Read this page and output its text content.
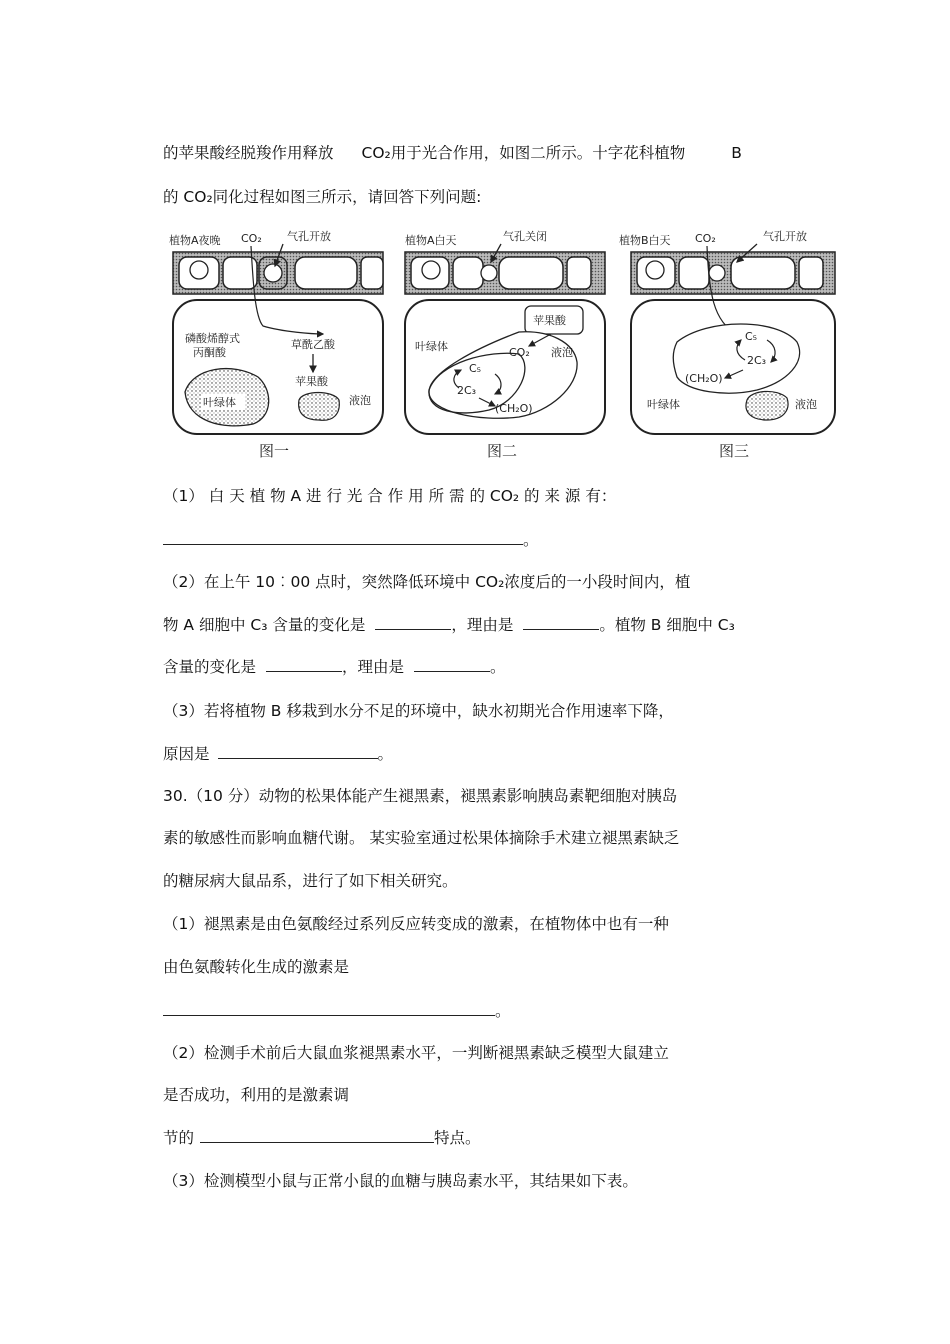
的苹果酸经脱羧作用释放 CO₂用于光合作用，如图二所示。十字花科植物	B
的 CO₂同化过程如图三所示，请回答下列问题:
植物A夜晚 CO₂ 气孔开放
磷酸烯醇式
丙酮酸
草酰乙酸
苹果酸
叶绿体	液泡
图一
植物A白天	气孔关闭
苹果酸
CO₂ 液泡
叶绿体
C₅
2C₃
(CH₂O)
图二
植物B白天 CO₂	气孔开放
C₅
2C₃
(CH₂O)
叶绿体	液泡
图三
（1） 白 天 植 物 A 进 行 光 合 作 用 所 需 的 CO₂ 的 来 源 有：
。
（2）在上午 10︰00 点时，突然降低环境中 CO₂浓度后的一小段时间内，植
物 A 细胞中 C₃ 含量的变化是	，理由是	。植物 B 细胞中 C₃
含量的变化是	，理由是	。
（3）若将植物 B 移栽到水分不足的环境中，缺水初期光合作用速率下降，
原因是	。
30.（10 分）动物的松果体能产生褪黑素，褪黑素影响胰岛素靶细胞对胰岛
素的敏感性而影响血糖代谢。 某实验室通过松果体摘除手术建立褪黑素缺乏
的糖尿病大鼠品系，进行了如下相关研究。
（1）褪黑素是由色氨酸经过系列反应转变成的激素，在植物体中也有一种
由色氨酸转化生成的激素是
。
（2）检测手术前后大鼠血浆褪黑素水平，一判断褪黑素缺乏模型大鼠建立
是否成功，利用的是激素调
节的	特点。
（3）检测模型小鼠与正常小鼠的血糖与胰岛素水平，其结果如下表。
